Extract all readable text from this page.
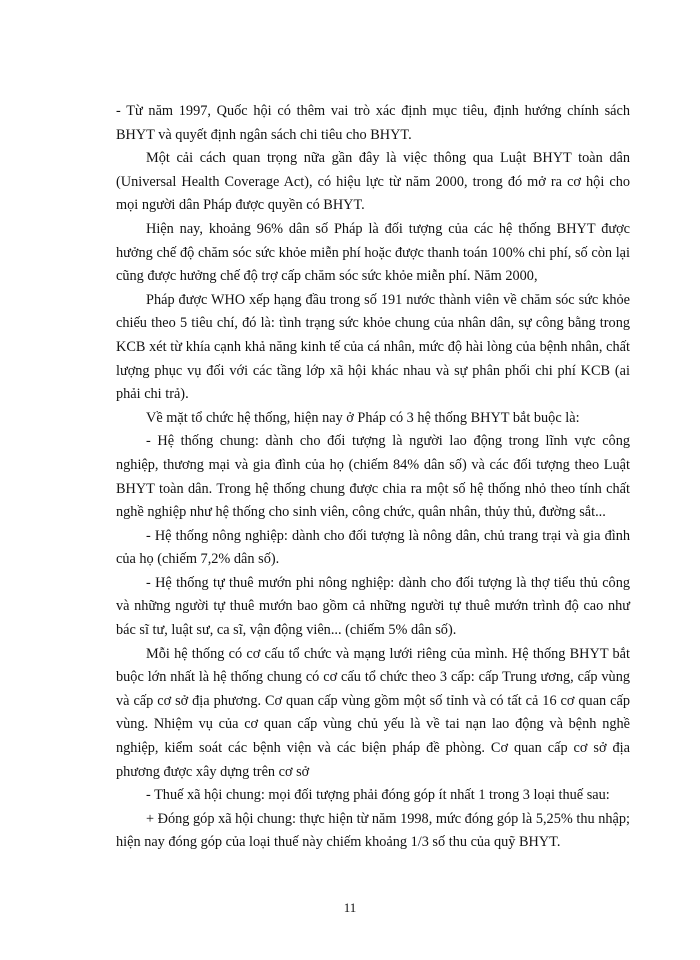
- Từ năm 1997, Quốc hội có thêm vai trò xác định mục tiêu, định hướng chính sách BHYT và quyết định ngân sách chi tiêu cho BHYT.

Một cải cách quan trọng nữa gần đây là việc thông qua Luật BHYT toàn dân (Universal Health Coverage Act), có hiệu lực từ năm 2000, trong đó mở ra cơ hội cho mọi người dân Pháp được quyền có BHYT.

Hiện nay, khoảng 96% dân số Pháp là đối tượng của các hệ thống BHYT được hưởng chế độ chăm sóc sức khỏe miễn phí hoặc được thanh toán 100% chi phí, số còn lại cũng được hưởng chế độ trợ cấp chăm sóc sức khỏe miễn phí. Năm 2000,

Pháp được WHO xếp hạng đầu trong số 191 nước thành viên về chăm sóc sức khỏe chiếu theo 5 tiêu chí, đó là: tình trạng sức khỏe chung của nhân dân, sự công bằng trong KCB xét từ khía cạnh khả năng kinh tế của cá nhân, mức độ hài lòng của bệnh nhân, chất lượng phục vụ đối với các tầng lớp xã hội khác nhau và sự phân phối chi phí KCB (ai phải chi trả).

Về mặt tổ chức hệ thống, hiện nay ở Pháp có 3 hệ thống BHYT bắt buộc là:

- Hệ thống chung: dành cho đối tượng là người lao động trong lĩnh vực công nghiệp, thương mại và gia đình của họ (chiếm 84% dân số) và các đối tượng theo Luật BHYT toàn dân. Trong hệ thống chung được chia ra một số hệ thống nhỏ theo tính chất nghề nghiệp như hệ thống cho sinh viên, công chức, quân nhân, thủy thủ, đường sắt...

- Hệ thống nông nghiệp: dành cho đối tượng là nông dân, chủ trang trại và gia đình của họ (chiếm 7,2% dân số).

- Hệ thống tự thuê mướn phi nông nghiệp: dành cho đối tượng là thợ tiểu thủ công và những người tự thuê mướn bao gồm cả những người tự thuê mướn trình độ cao như bác sĩ tư, luật sư, ca sĩ, vận động viên... (chiếm 5% dân số).

Mỗi hệ thống có cơ cấu tổ chức và mạng lưới riêng của mình. Hệ thống BHYT bắt buộc lớn nhất là hệ thống chung có cơ cấu tổ chức theo 3 cấp: cấp Trung ương, cấp vùng và cấp cơ sở địa phương. Cơ quan cấp vùng gồm một số tỉnh và có tất cả 16 cơ quan cấp vùng. Nhiệm vụ của cơ quan cấp vùng chủ yếu là về tai nạn lao động và bệnh nghề nghiệp, kiểm soát các bệnh viện và các biện pháp đề phòng. Cơ quan cấp cơ sở địa phương được xây dựng trên cơ sở

- Thuế xã hội chung: mọi đối tượng phải đóng góp ít nhất 1 trong 3 loại thuế sau:

+ Đóng góp xã hội chung: thực hiện từ năm 1998, mức đóng góp là 5,25% thu nhập; hiện nay đóng góp của loại thuế này chiếm khoảng 1/3 số thu của quỹ BHYT.

11
